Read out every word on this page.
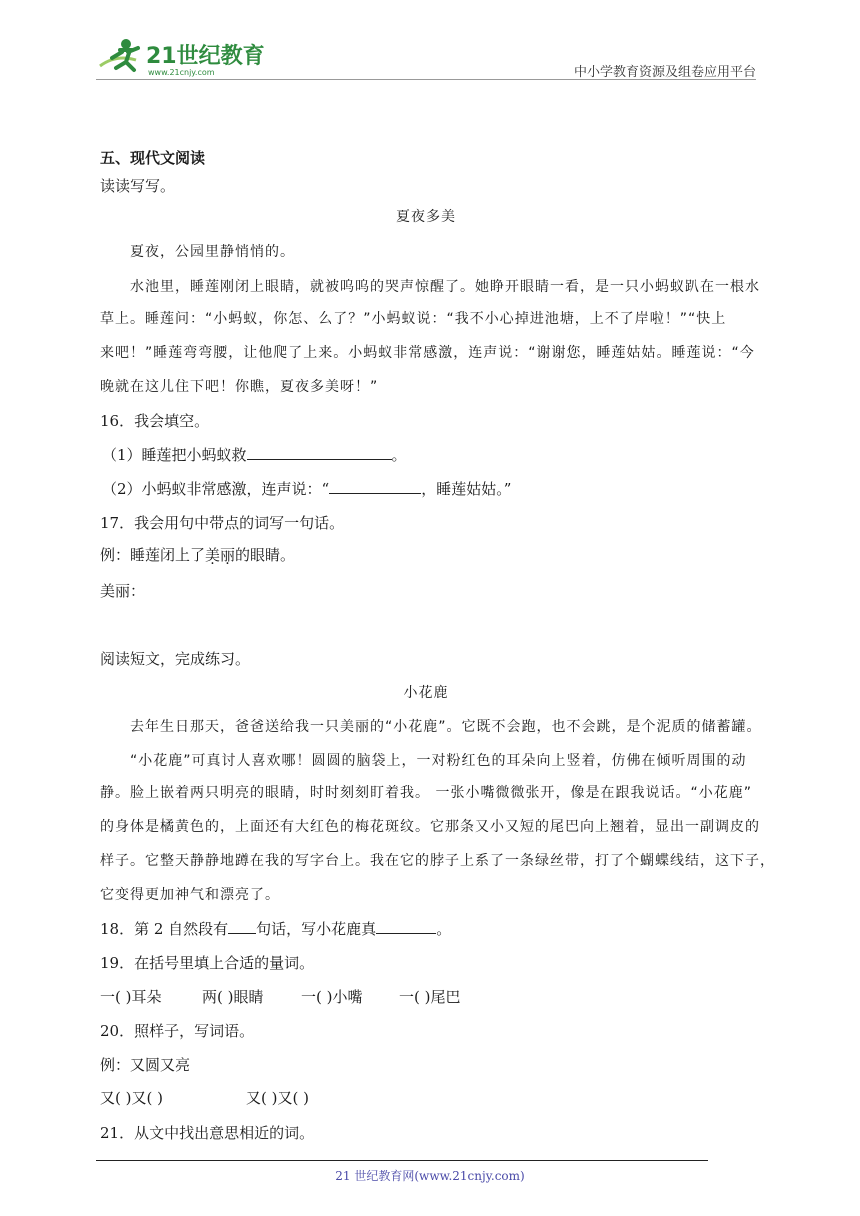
21世纪教育
www.21cnjy.com	中小学教育资源及组卷应用平台
五、现代文阅读
读读写写。
夏夜多美
夏夜，公园里静悄悄的。
水池里，睡莲刚闭上眼睛，就被呜呜的哭声惊醒了。她睁开眼睛一看，是一只小蚂蚁趴在一根水
草上。睡莲问：“小蚂蚁，你怎、么了？”小蚂蚁说：“我不小心掉进池塘，上不了岸啦！”“快上
来吧！”睡莲弯弯腰，让他爬了上来。小蚂蚁非常感激，连声说：“谢谢您，睡莲姑姑。睡莲说：“今
晚就在这儿住下吧！你瞧，夏夜多美呀！”
16．我会填空。
（1）睡莲把小蚂蚁救	。
（2）小蚂蚁非常感激，连声说：“	，睡莲姑姑。”
17．我会用句中带点的词写一句话。
例：睡莲闭上了美丽的眼睛。
美丽：
阅读短文，完成练习。
小花鹿
去年生日那天，爸爸送给我一只美丽的“小花鹿”。它既不会跑，也不会跳，是个泥质的储蓄罐。
“小花鹿”可真讨人喜欢哪！圆圆的脑袋上，一对粉红色的耳朵向上竖着，仿佛在倾听周围的动
静。脸上嵌着两只明亮的眼睛，时时刻刻盯着我。 一张小嘴微微张开，像是在跟我说话。“小花鹿”
的身体是橘黄色的，上面还有大红色的梅花斑纹。它那条又小又短的尾巴向上翘着，显出一副调皮的
样子。它整天静静地蹲在我的写字台上。我在它的脖子上系了一条绿丝带，打了个蝴蝶线结，这下子，
它变得更加神气和漂亮了。
18．第 2 自然段有 句话，写小花鹿真	。
19．在括号里填上合适的量词。
一( )耳朵	两( )眼睛	一( )小嘴 一( )尾巴
20．照样子，写词语。
例：又圆又亮
又( )又( )	又( )又( )
21．从文中找出意思相近的词。
21 世纪教育网(www.21cnjy.com)
